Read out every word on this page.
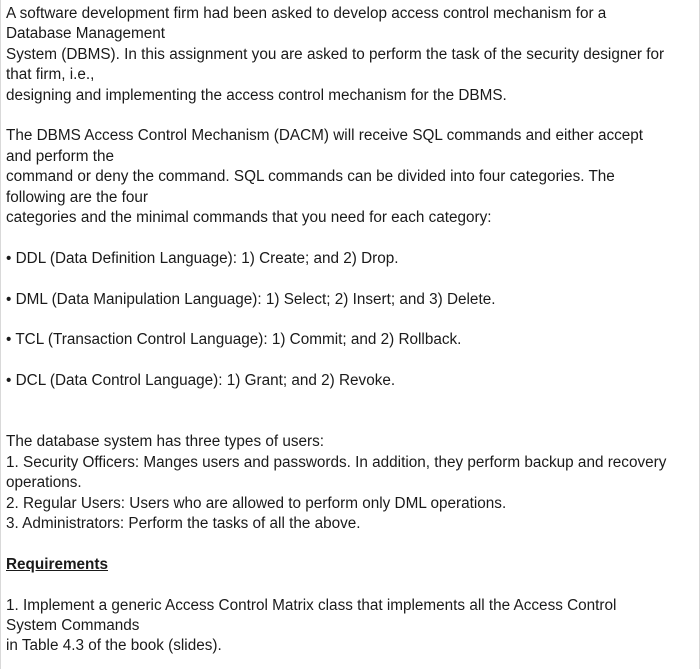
A software development firm had been asked to develop access control mechanism for a
Database Management
System (DBMS). In this assignment you are asked to perform the task of the security designer for
that firm, i.e.,
designing and implementing the access control mechanism for the DBMS.
The DBMS Access Control Mechanism (DACM) will receive SQL commands and either accept
and perform the
command or deny the command. SQL commands can be divided into four categories. The
following are the four
categories and the minimal commands that you need for each category:
• DDL (Data Definition Language): 1) Create; and 2) Drop.
• DML (Data Manipulation Language): 1) Select; 2) Insert; and 3) Delete.
• TCL (Transaction Control Language): 1) Commit; and 2) Rollback.
• DCL (Data Control Language): 1) Grant; and 2) Revoke.
The database system has three types of users:
1. Security Officers: Manges users and passwords. In addition, they perform backup and recovery
operations.
2. Regular Users: Users who are allowed to perform only DML operations.
3. Administrators: Perform the tasks of all the above.
Requirements
1. Implement a generic Access Control Matrix class that implements all the Access Control
System Commands
in Table 4.3 of the book (slides).
